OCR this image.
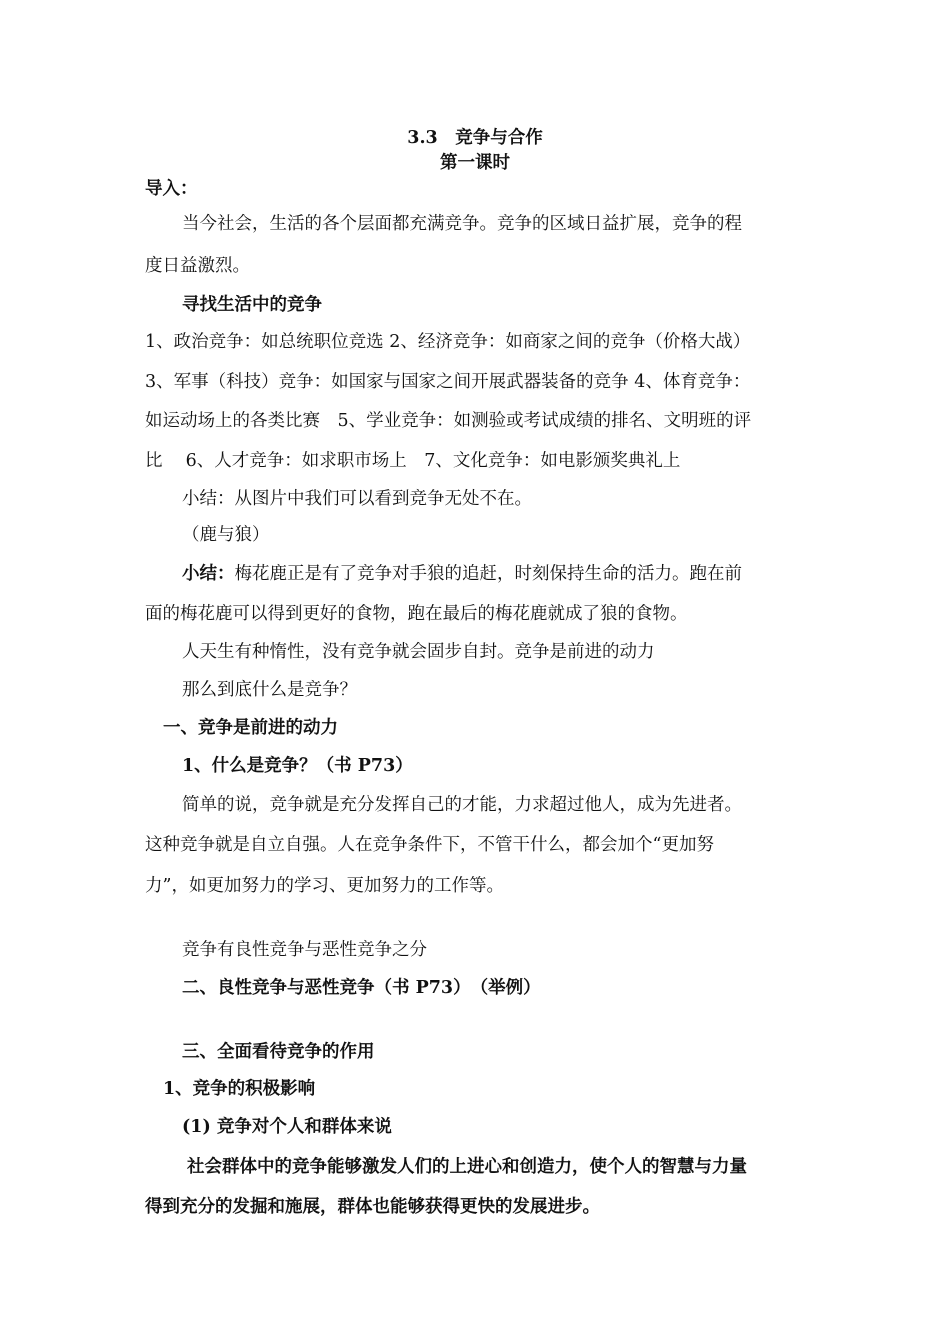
3.3　竞争与合作
第一课时
导入：
当今社会，生活的各个层面都充满竞争。竞争的区域日益扩展，竞争的程
度日益激烈。
寻找生活中的竞争
1、政治竞争：如总统职位竞选 2、经济竞争：如商家之间的竞争（价格大战）
3、军事（科技）竞争：如国家与国家之间开展武器装备的竞争 4、体育竞争：
如运动场上的各类比赛　5、学业竞争：如测验或考试成绩的排名、文明班的评
比　 6、人才竞争：如求职市场上　7、文化竞争：如电影颁奖典礼上
小结：从图片中我们可以看到竞争无处不在。
（鹿与狼）
小结：梅花鹿正是有了竞争对手狼的追赶，时刻保持生命的活力。跑在前
面的梅花鹿可以得到更好的食物，跑在最后的梅花鹿就成了狼的食物。
人天生有种惰性，没有竞争就会固步自封。竞争是前进的动力
那么到底什么是竞争？
一、竞争是前进的动力
1、什么是竞争？（书 P73）
简单的说，竞争就是充分发挥自己的才能，力求超过他人，成为先进者。
这种竞争就是自立自强。人在竞争条件下，不管干什么，都会加个“更加努
力”，如更加努力的学习、更加努力的工作等。
竞争有良性竞争与恶性竞争之分
二、良性竞争与恶性竞争（书 P73）　（举例）
三、全面看待竞争的作用
1、竞争的积极影响
(1) 竞争对个人和群体来说
社会群体中的竞争能够激发人们的上进心和创造力，使个人的智慧与力量
得到充分的发掘和施展，群体也能够获得更快的发展进步。
